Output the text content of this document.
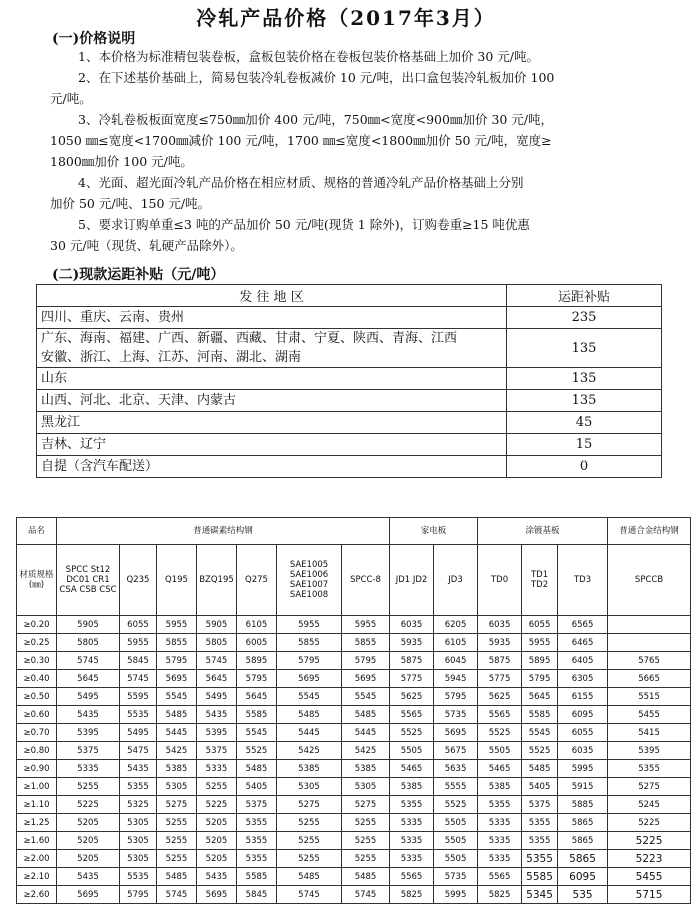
冷轧产品价格（2017年3月）
(一)价格说明
1、本价格为标准精包装卷板，盒板包装价格在卷板包装价格基础上加价 30 元/吨。
2、在下述基价基础上，简易包装冷轧卷板减价 10 元/吨，出口盒包装冷轧板加价 100
元/吨。
3、冷轧卷板板面宽度≤750㎜加价 400 元/吨，750㎜<宽度<900㎜加价 30 元/吨，
1050 ㎜≤宽度<1700㎜减价 100 元/吨，1700 ㎜≤宽度<1800㎜加价 50 元/吨，宽度≥
1800㎜加价 100 元/吨。
4、光面、超光面冷轧产品价格在相应材质、规格的普通冷轧产品价格基础上分别
加价 50 元/吨、150 元/吨。
5、要求订购单重≤3 吨的产品加价 50 元/吨(现货 1 除外)，订购卷重≥15 吨优惠
30 元/吨（现货、轧硬产品除外）。
(二)现款运距补贴（元/吨）
发 往 地 区	运距补贴

四川、重庆、云南、贵州	235

广东、海南、福建、广西、新疆、西藏、甘肃、宁夏、陕西、青海、江西
安徽、浙江、上海、江苏、河南、湖北、湖南	135

山东	135

山西、河北、北京、天津、内蒙古	135

黑龙江	45

吉林、辽宁	15

自提（含汽车配送）	0
品名	普通碳素结构钢							家电板		涂镀基板			普通合金结构钢
材质规格(㎜)	SPCC St12 DC01 CR1 CSA CSB CSC	Q235	Q195	BZQ195	Q275	SAE1005 SAE1006 SAE1007 SAE1008	SPCC-8	JD1 JD2	JD3	TD0	TD1 TD2	TD3	SPCCB
≥0.20	5905	6055	5955	5905	6105	5955	5955	6035	6205	6035	6055	6565	
≥0.25	5805	5955	5855	5805	6005	5855	5855	5935	6105	5935	5955	6465	
≥0.30	5745	5845	5795	5745	5895	5795	5795	5875	6045	5875	5895	6405	5765
≥0.40	5645	5745	5695	5645	5795	5695	5695	5775	5945	5775	5795	6305	5665
≥0.50	5495	5595	5545	5495	5645	5545	5545	5625	5795	5625	5645	6155	5515
≥0.60	5435	5535	5485	5435	5585	5485	5485	5565	5735	5565	5585	6095	5455
≥0.70	5395	5495	5445	5395	5545	5445	5445	5525	5695	5525	5545	6055	5415
≥0.80	5375	5475	5425	5375	5525	5425	5425	5505	5675	5505	5525	6035	5395
≥0.90	5335	5435	5385	5335	5485	5385	5385	5465	5635	5465	5485	5995	5355
≥1.00	5255	5355	5305	5255	5405	5305	5305	5385	5555	5385	5405	5915	5275
≥1.10	5225	5325	5275	5225	5375	5275	5275	5355	5525	5355	5375	5885	5245
≥1.25	5205	5305	5255	5205	5355	5255	5255	5335	5505	5335	5355	5865	5225
≥1.60	5205	5305	5255	5205	5355	5255	5255	5335	5505	5335	5355	5865	5225
≥2.00	5205	5305	5255	5205	5355	5255	5255	5335	5505	5335	5355	5865	5223
≥2.10	5435	5535	5485	5435	5585	5485	5485	5565	5735	5565	5585	6095	5455
≥2.60	5695	5795	5745	5695	5845	5745	5745	5825	5995	5825	5345	535	5715
